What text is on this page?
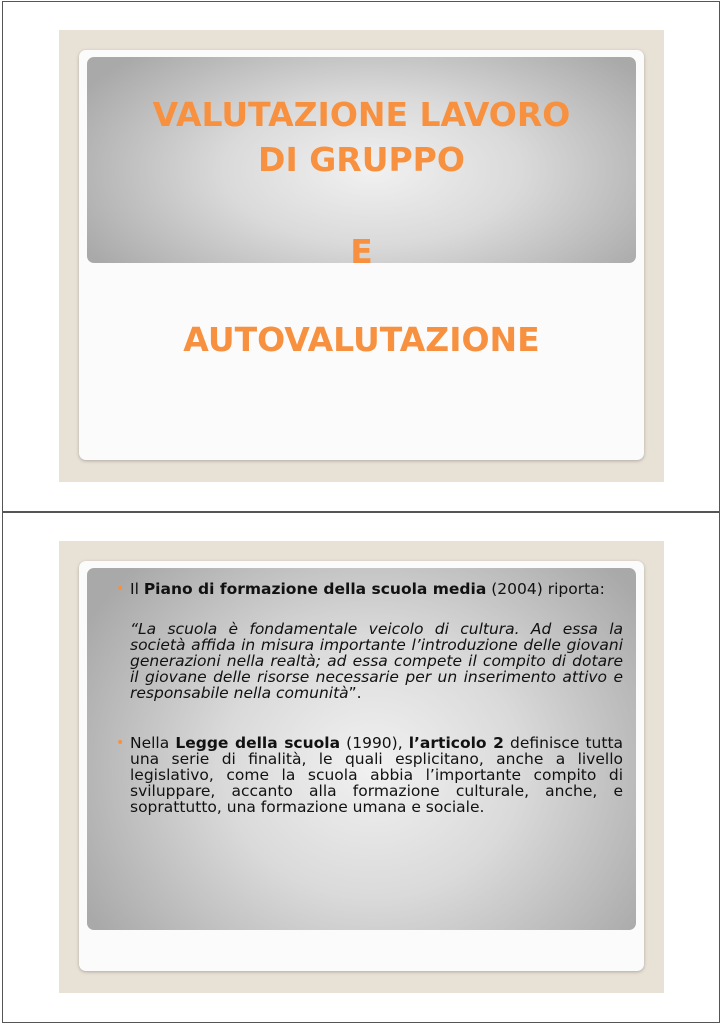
VALUTAZIONE LAVORO
DI GRUPPO
E
AUTOVALUTAZIONE
• Il Piano di formazione della scuola media (2004) riporta:
“La scuola è fondamentale veicolo di cultura. Ad essa la società affida in misura importante l’introduzione delle giovani generazioni nella realtà; ad essa compete il compito di dotare il giovane delle risorse necessarie per un inserimento attivo e responsabile nella comunità”.
• Nella Legge della scuola (1990), l’articolo 2 definisce tutta una serie di finalità, le quali esplicitano, anche a livello legislativo, come la scuola abbia l’importante compito di sviluppare, accanto alla formazione culturale, anche, e soprattutto, una formazione umana e sociale.
